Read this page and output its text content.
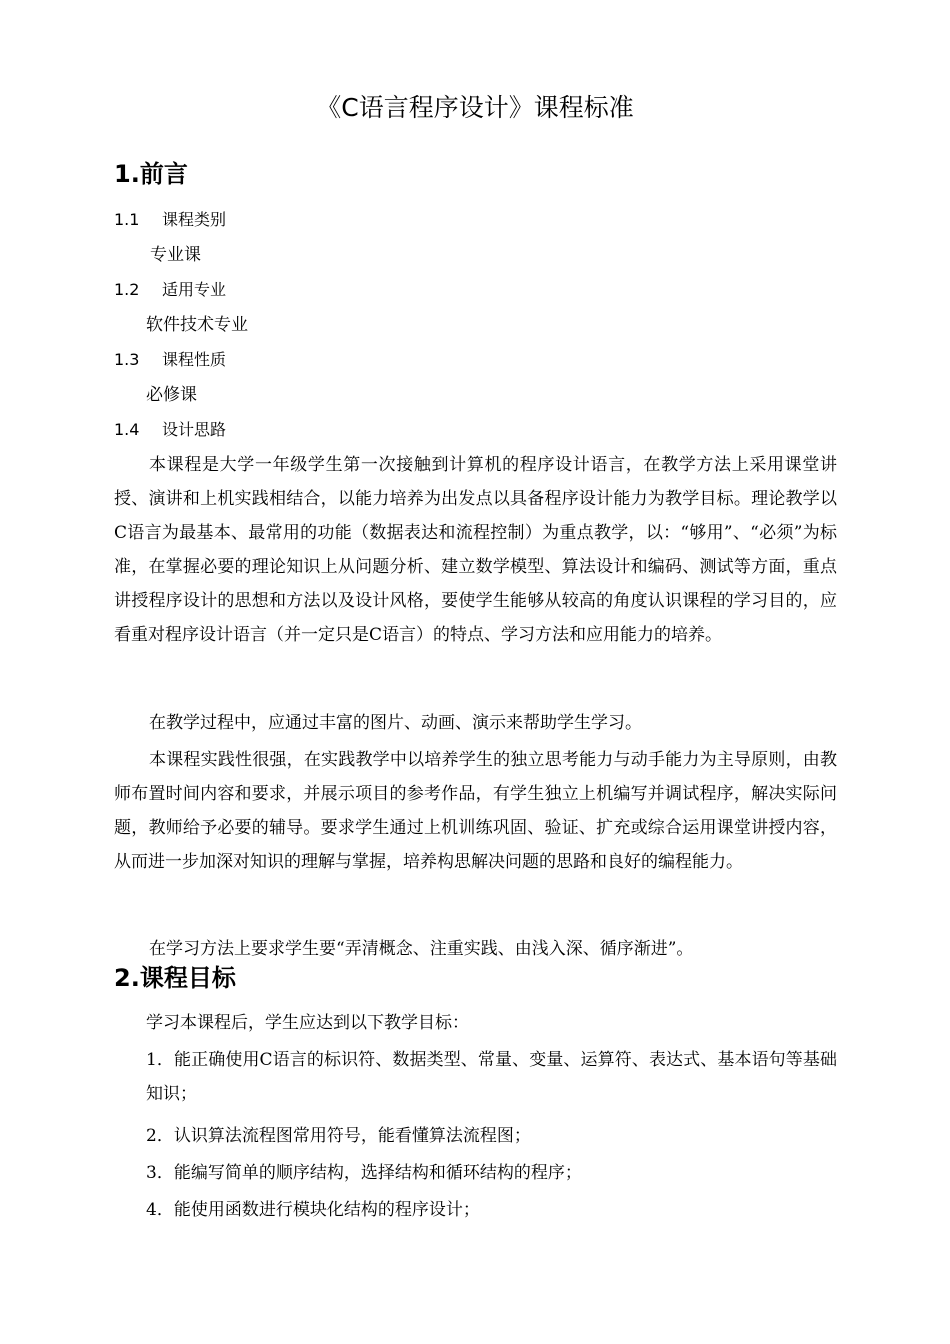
《C语言程序设计》课程标准
1.前言
1.1 课程类别
专业课
1.2 适用专业
软件技术专业
1.3 课程性质
必修课
1.4 设计思路
本课程是大学一年级学生第一次接触到计算机的程序设计语言，在教学方法上采用课堂讲授、演讲和上机实践相结合，以能力培养为出发点以具备程序设计能力为教学目标。理论教学以C语言为最基本、最常用的功能（数据表达和流程控制）为重点教学，以：“够用”、“必须”为标准，在掌握必要的理论知识上从问题分析、建立数学模型、算法设计和编码、测试等方面，重点讲授程序设计的思想和方法以及设计风格，要使学生能够从较高的角度认识课程的学习目的，应看重对程序设计语言（并一定只是C语言）的特点、学习方法和应用能力的培养。
在教学过程中，应通过丰富的图片、动画、演示来帮助学生学习。
本课程实践性很强，在实践教学中以培养学生的独立思考能力与动手能力为主导原则，由教师布置时间内容和要求，并展示项目的参考作品，有学生独立上机编写并调试程序，解决实际问题，教师给予必要的辅导。要求学生通过上机训练巩固、验证、扩充或综合运用课堂讲授内容，从而进一步加深对知识的理解与掌握，培养构思解决问题的思路和良好的编程能力。
在学习方法上要求学生要“弄清概念、注重实践、由浅入深、循序渐进”。
2.课程目标
学习本课程后，学生应达到以下教学目标：
1．能正确使用C语言的标识符、数据类型、常量、变量、运算符、表达式、基本语句等基础知识；
2．认识算法流程图常用符号，能看懂算法流程图；
3．能编写简单的顺序结构，选择结构和循环结构的程序；
4．能使用函数进行模块化结构的程序设计；
